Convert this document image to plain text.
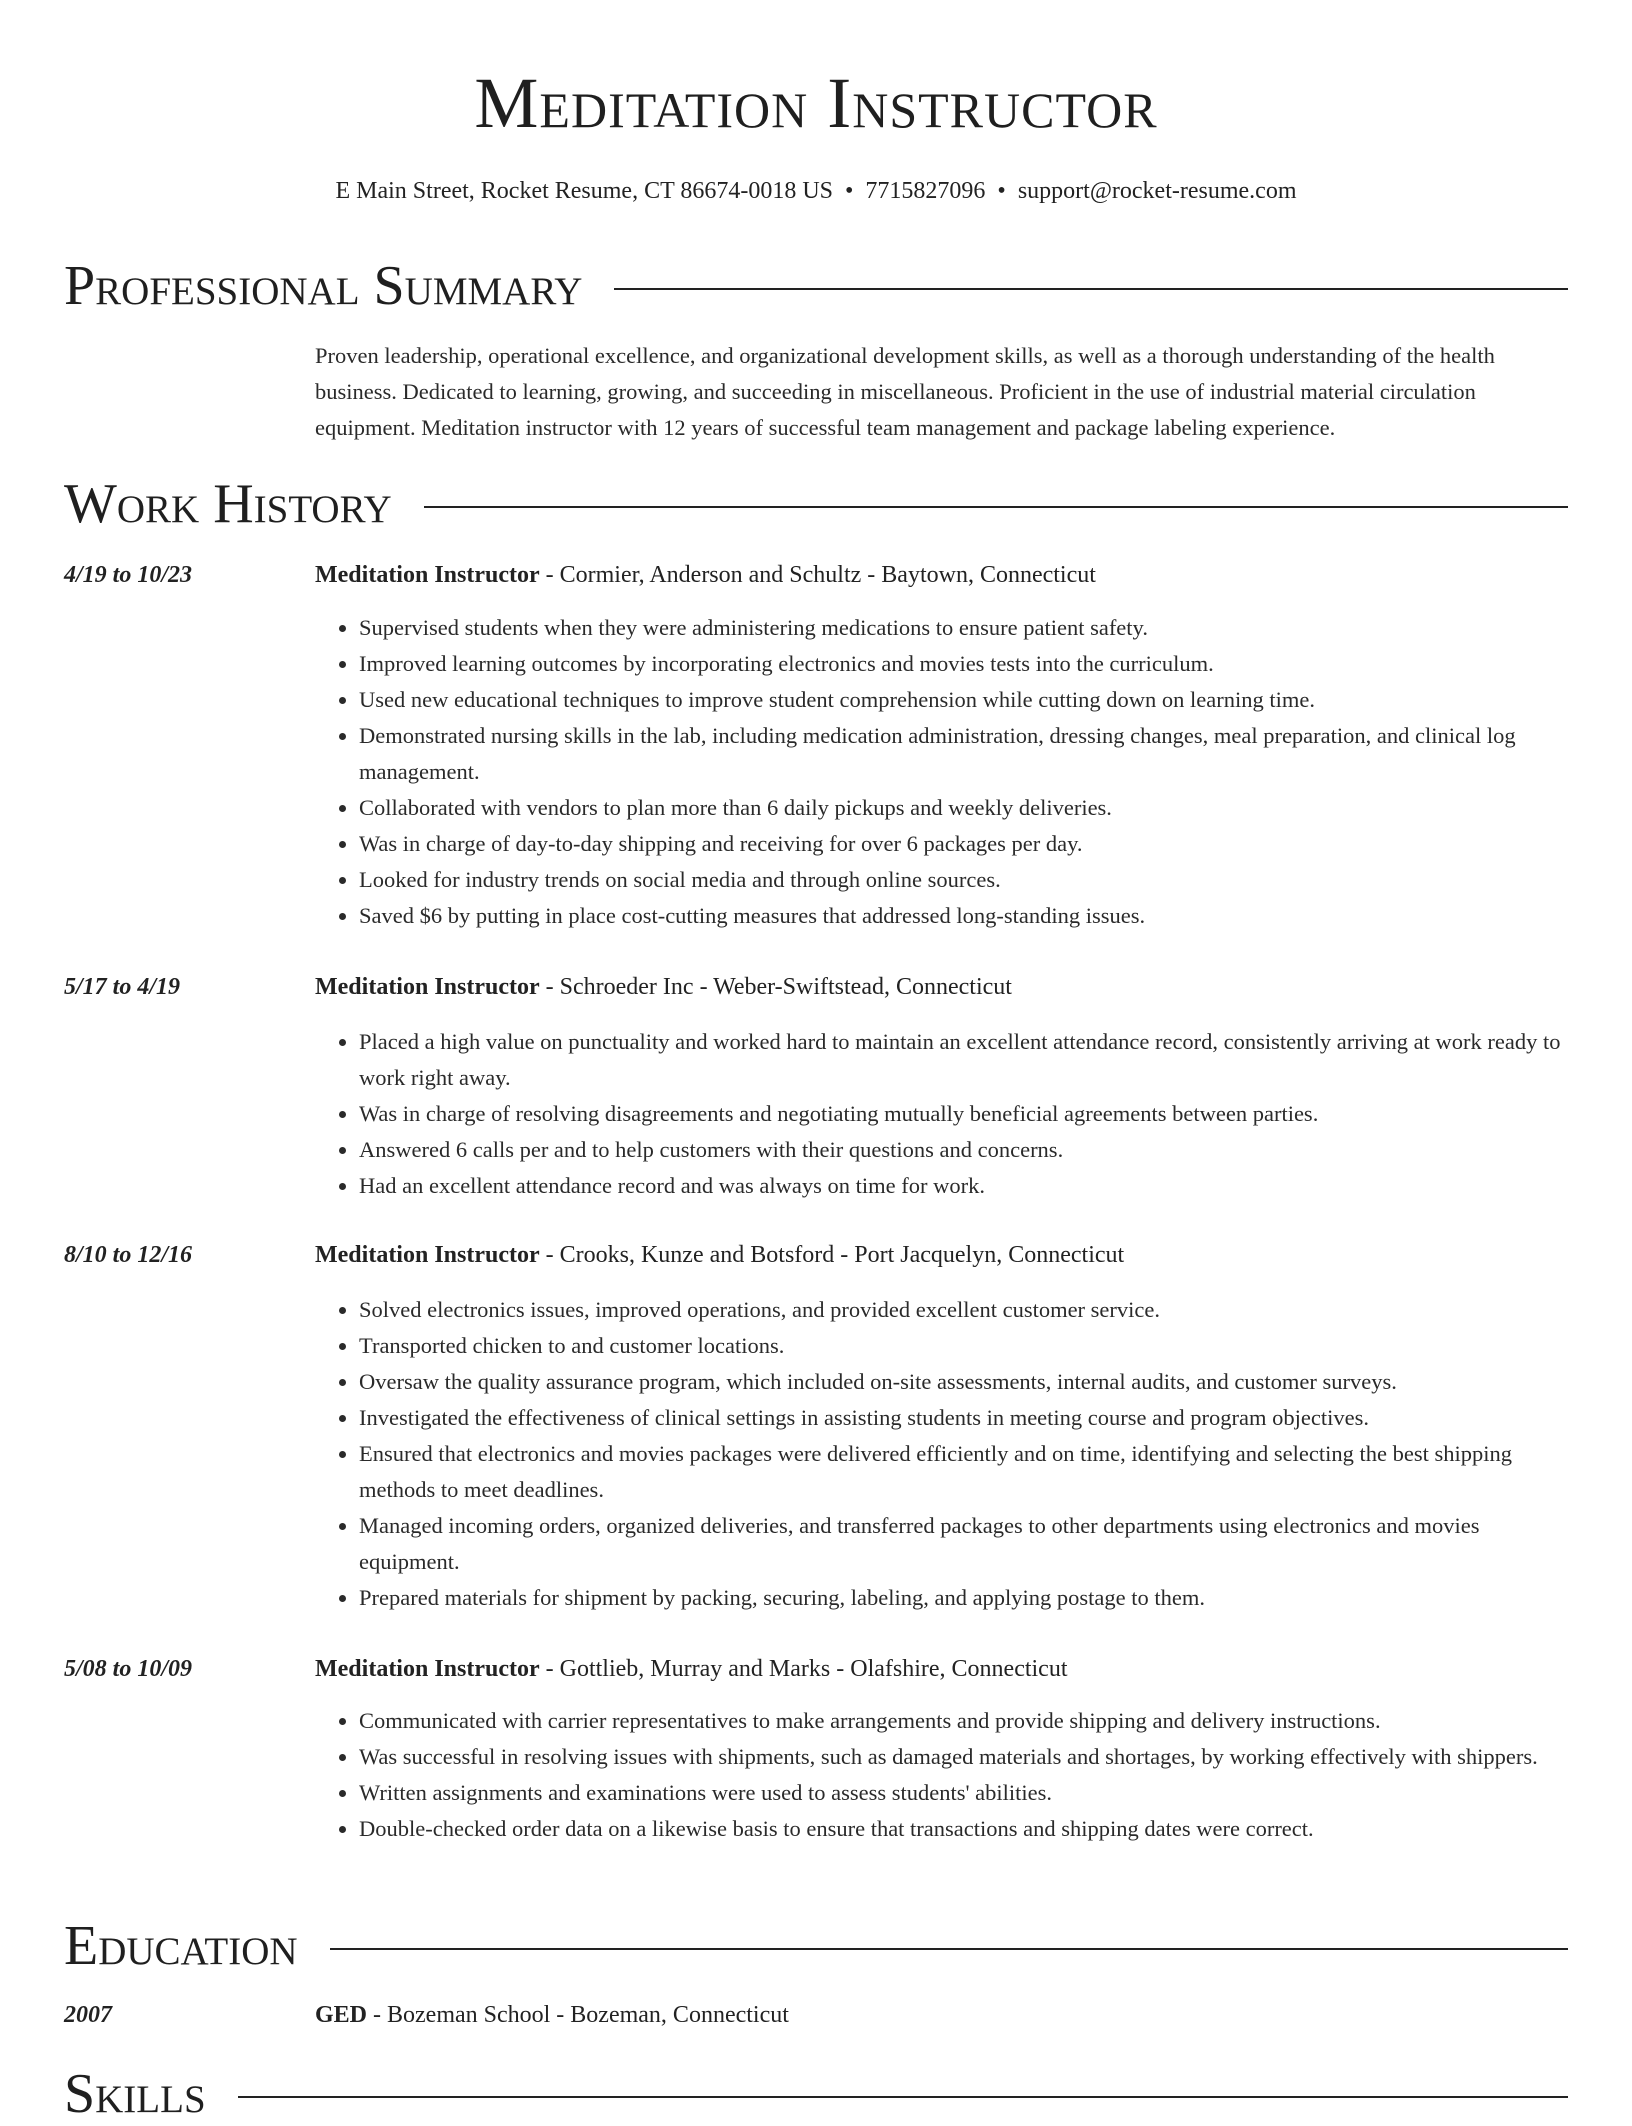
Meditation Instructor
E Main Street, Rocket Resume, CT 86674-0018 US • 7715827096 • support@rocket-resume.com
Professional Summary
Proven leadership, operational excellence, and organizational development skills, as well as a thorough understanding of the health business. Dedicated to learning, growing, and succeeding in miscellaneous. Proficient in the use of industrial material circulation equipment. Meditation instructor with 12 years of successful team management and package labeling experience.
Work History
4/19 to 10/23	Meditation Instructor - Cormier, Anderson and Schultz - Baytown, Connecticut
• Supervised students when they were administering medications to ensure patient safety.
• Improved learning outcomes by incorporating electronics and movies tests into the curriculum.
• Used new educational techniques to improve student comprehension while cutting down on learning time.
• Demonstrated nursing skills in the lab, including medication administration, dressing changes, meal preparation, and clinical log management.
• Collaborated with vendors to plan more than 6 daily pickups and weekly deliveries.
• Was in charge of day-to-day shipping and receiving for over 6 packages per day.
• Looked for industry trends on social media and through online sources.
• Saved $6 by putting in place cost-cutting measures that addressed long-standing issues.
5/17 to 4/19	Meditation Instructor - Schroeder Inc - Weber-Swiftstead, Connecticut
• Placed a high value on punctuality and worked hard to maintain an excellent attendance record, consistently arriving at work ready to work right away.
• Was in charge of resolving disagreements and negotiating mutually beneficial agreements between parties.
• Answered 6 calls per and to help customers with their questions and concerns.
• Had an excellent attendance record and was always on time for work.
8/10 to 12/16	Meditation Instructor - Crooks, Kunze and Botsford - Port Jacquelyn, Connecticut
• Solved electronics issues, improved operations, and provided excellent customer service.
• Transported chicken to and customer locations.
• Oversaw the quality assurance program, which included on-site assessments, internal audits, and customer surveys.
• Investigated the effectiveness of clinical settings in assisting students in meeting course and program objectives.
• Ensured that electronics and movies packages were delivered efficiently and on time, identifying and selecting the best shipping methods to meet deadlines.
• Managed incoming orders, organized deliveries, and transferred packages to other departments using electronics and movies equipment.
• Prepared materials for shipment by packing, securing, labeling, and applying postage to them.
5/08 to 10/09	Meditation Instructor - Gottlieb, Murray and Marks - Olafshire, Connecticut
• Communicated with carrier representatives to make arrangements and provide shipping and delivery instructions.
• Was successful in resolving issues with shipments, such as damaged materials and shortages, by working effectively with shippers.
• Written assignments and examinations were used to assess students' abilities.
• Double-checked order data on a likewise basis to ensure that transactions and shipping dates were correct.
Education
2007	GED - Bozeman School - Bozeman, Connecticut
Skills
